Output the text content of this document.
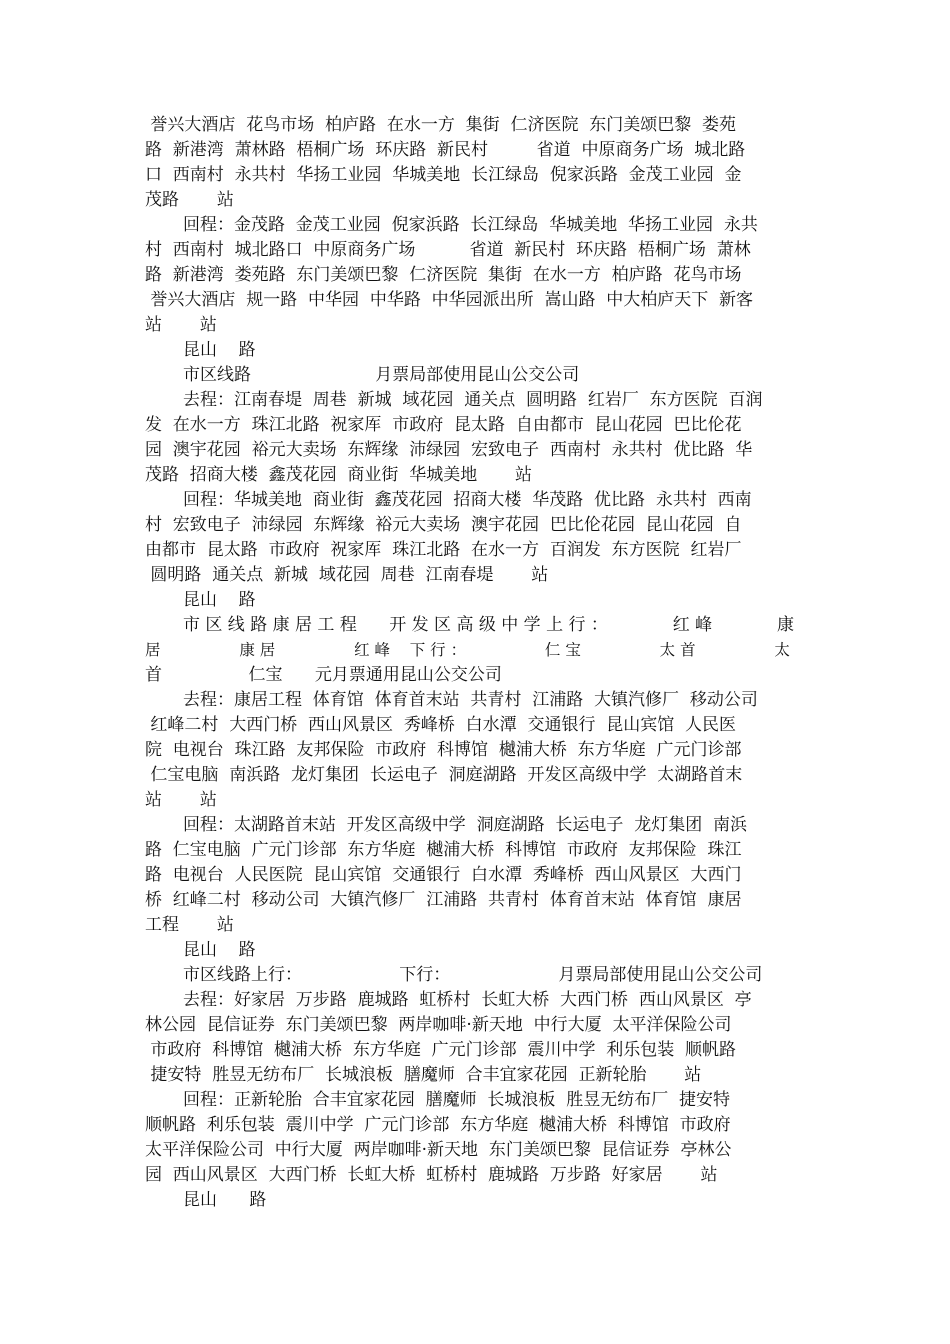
誉兴大酒店  花鸟市场  柏庐路  在水一方  集街  仁济医院  东门美颂巴黎  娄苑
路  新港湾  萧林路  梧桐广场  环庆路  新民村         省道  中原商务广场  城北路
口  西南村  永共村  华扬工业园  华城美地  长江绿岛  倪家浜路  金茂工业园  金
茂路       站
回程：金茂路  金茂工业园  倪家浜路  长江绿岛  华城美地  华扬工业园  永共
村  西南村  城北路口  中原商务广场          省道  新民村  环庆路  梧桐广场  萧林
路  新港湾  娄苑路  东门美颂巴黎  仁济医院  集街  在水一方  柏庐路  花鸟市场
誉兴大酒店  规一路  中华园  中华路  中华园派出所  嵩山路  中大柏庐天下  新客
站       站
昆山    路
市区线路                       月票局部使用昆山公交公司
去程：江南春堤  周巷  新城  域花园  通关点  圆明路  红岩厂  东方医院  百润
发  在水一方  珠江北路  祝家厍  市政府  昆太路  自由都市  昆山花园  巴比伦花
园  澳宇花园  裕元大卖场  东辉缘  沛绿园  宏致电子  西南村  永共村  优比路  华
茂路  招商大楼  鑫茂花园  商业街  华城美地       站
回程：华城美地  商业街  鑫茂花园  招商大楼  华茂路  优比路  永共村  西南
村  宏致电子  沛绿园  东辉缘  裕元大卖场  澳宇花园  巴比伦花园  昆山花园  自
由都市  昆太路  市政府  祝家厍  珠江北路  在水一方  百润发  东方医院  红岩厂
圆明路  通关点  新城  域花园  周巷  江南春堤       站
昆山    路
市 区 线 路 康 居 工 程      开 发 区 高 级 中 学 上 行 ：            红 峰            康
居                康 居                红 峰    下 行 ：                仁 宝                太 首                太
首                仁宝      元月票通用昆山公交公司
去程：康居工程  体育馆  体育首末站  共青村  江浦路  大镇汽修厂  移动公司
红峰二村  大西门桥  西山风景区  秀峰桥  白水潭  交通银行  昆山宾馆  人民医
院  电视台  珠江路  友邦保险  市政府  科博馆  樾浦大桥  东方华庭  广元门诊部
仁宝电脑  南浜路  龙灯集团  长运电子  洞庭湖路  开发区高级中学  太湖路首末
站       站
回程：太湖路首末站  开发区高级中学  洞庭湖路  长运电子  龙灯集团  南浜
路  仁宝电脑  广元门诊部  东方华庭  樾浦大桥  科博馆  市政府  友邦保险  珠江
路  电视台  人民医院  昆山宾馆  交通银行  白水潭  秀峰桥  西山风景区  大西门
桥  红峰二村  移动公司  大镇汽修厂  江浦路  共青村  体育首末站  体育馆  康居
工程       站
昆山    路
市区线路上行：                  下行：                    月票局部使用昆山公交公司
去程：好家居  万步路  鹿城路  虹桥村  长虹大桥  大西门桥  西山风景区  亭
林公园  昆信证券  东门美颂巴黎  两岸咖啡·新天地  中行大厦  太平洋保险公司
市政府  科博馆  樾浦大桥  东方华庭  广元门诊部  震川中学  利乐包装  顺帆路
捷安特  胜昱无纺布厂  长城浪板  膳魔师  合丰宜家花园  正新轮胎       站
回程：正新轮胎  合丰宜家花园  膳魔师  长城浪板  胜昱无纺布厂  捷安特
顺帆路  利乐包装  震川中学  广元门诊部  东方华庭  樾浦大桥  科博馆  市政府
太平洋保险公司  中行大厦  两岸咖啡·新天地  东门美颂巴黎  昆信证券  亭林公
园  西山风景区  大西门桥  长虹大桥  虹桥村  鹿城路  万步路  好家居       站
昆山      路
